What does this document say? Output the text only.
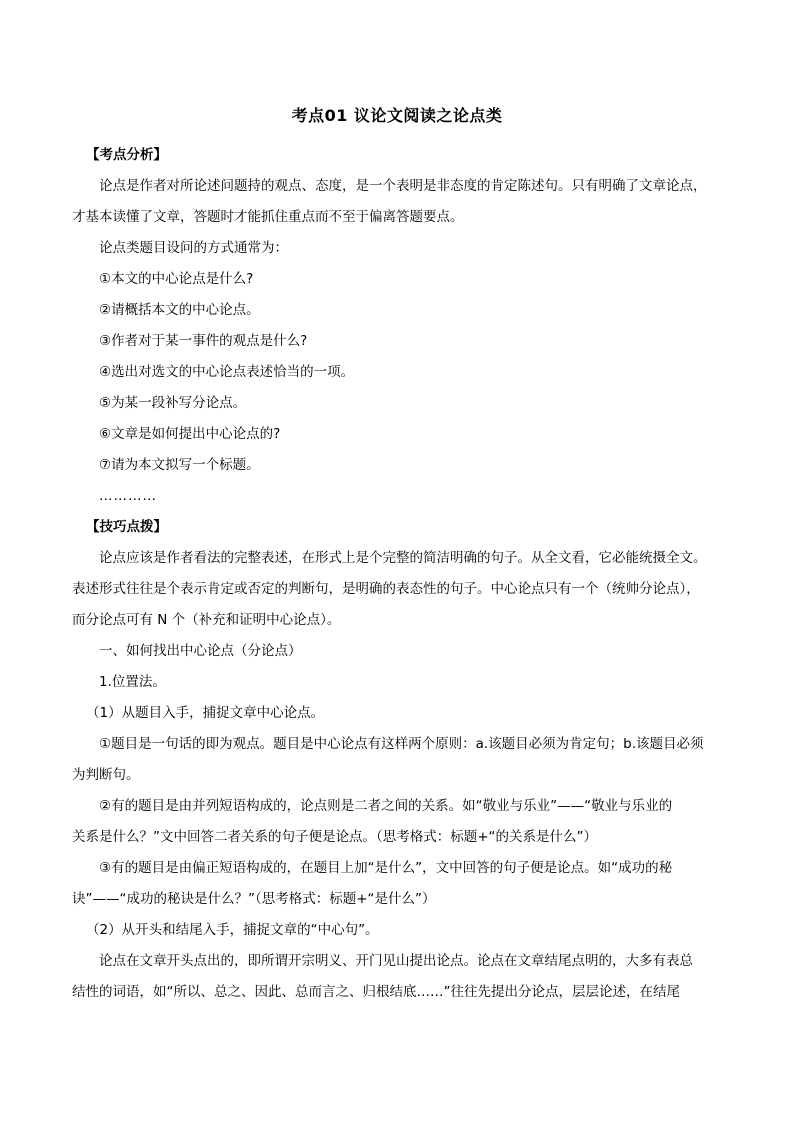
考点01 议论文阅读之论点类

【考点分析】

论点是作者对所论述问题持的观点、态度，是一个表明是非态度的肯定陈述句。只有明确了文章论点，

才基本读懂了文章，答题时才能抓住重点而不至于偏离答题要点。

论点类题目设问的方式通常为：

①本文的中心论点是什么?

②请概括本文的中心论点。

③作者对于某一事件的观点是什么?

④选出对选文的中心论点表述恰当的一项。

⑤为某一段补写分论点。

⑥文章是如何提出中心论点的?

⑦请为本文拟写一个标题。

…………

【技巧点拨】

论点应该是作者看法的完整表述，在形式上是个完整的简洁明确的句子。从全文看，它必能统摄全文。

表述形式往往是个表示肯定或否定的判断句，是明确的表态性的句子。中心论点只有一个（统帅分论点），

而分论点可有 N 个（补充和证明中心论点）。

一、如何找出中心论点（分论点）

1.位置法。

（1）从题目入手，捕捉文章中心论点。

①题目是一句话的即为观点。题目是中心论点有这样两个原则：a.该题目必须为肯定句；b.该题目必须

为判断句。

②有的题目是由并列短语构成的，论点则是二者之间的关系。如“敬业与乐业”——“敬业与乐业的

关系是什么？”文中回答二者关系的句子便是论点。（思考格式：标题+“的关系是什么”）

③有的题目是由偏正短语构成的，在题目上加“是什么”，文中回答的句子便是论点。如“成功的秘

诀”——“成功的秘诀是什么？”（思考格式：标题+“是什么”）

（2）从开头和结尾入手，捕捉文章的“中心句”。

论点在文章开头点出的，即所谓开宗明义、开门见山提出论点。论点在文章结尾点明的，大多有表总

结性的词语，如“所以、总之、因此、总而言之、归根结底……”往往先提出分论点，层层论述，在结尾
